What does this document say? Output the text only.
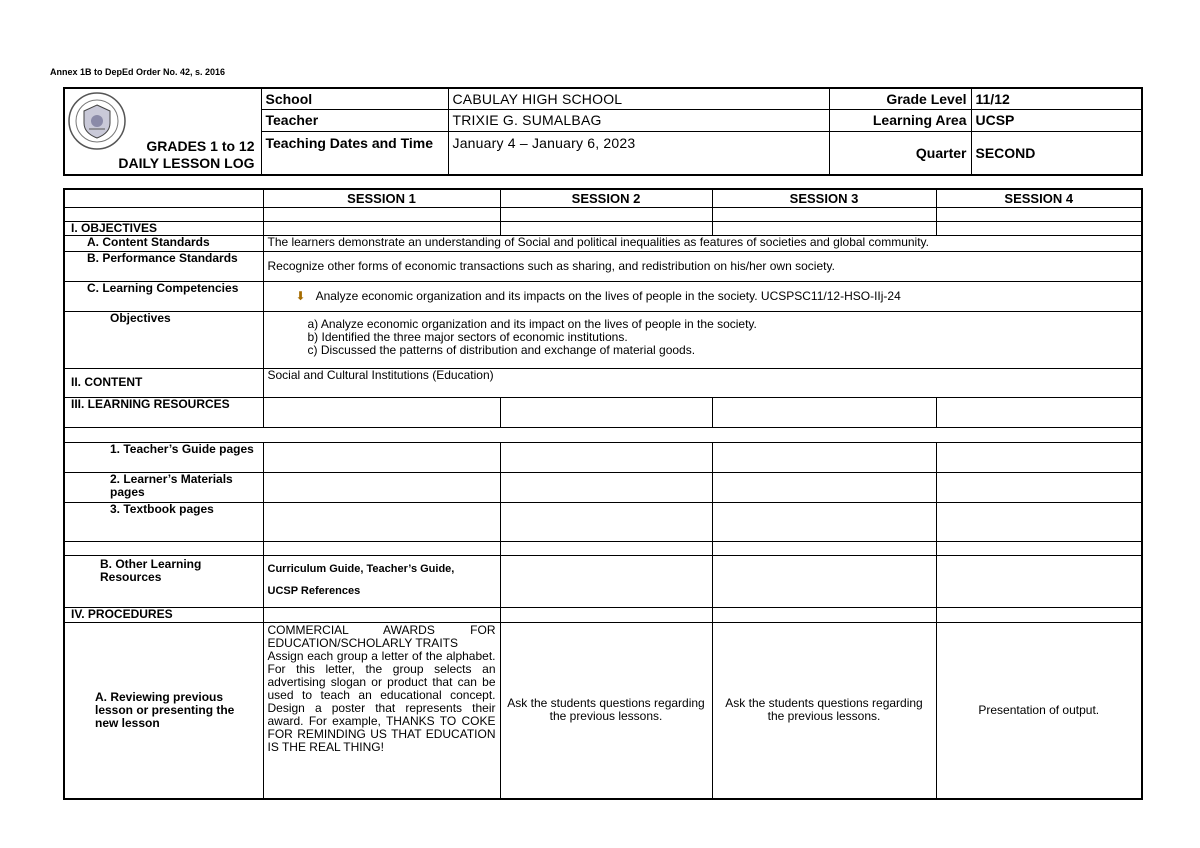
Annex 1B to DepEd Order No. 42, s. 2016
GRADES 1 to 12
DAILY LESSON LOG	School	CABULAY HIGH SCHOOL	Grade Level	11/12
	Teacher	TRIXIE G. SUMALBAG	Learning Area	UCSP
	Teaching Dates and Time	January 4 – January 6, 2023	Quarter	SECOND
	SESSION 1	SESSION 2	SESSION 3	SESSION 4

I. OBJECTIVES				
A. Content Standards	The learners demonstrate an understanding of Social and political inequalities as features of societies and global community.			
B. Performance Standards	Recognize other forms of economic transactions such as sharing, and redistribution on his/her own society.			
C. Learning Competencies	⬇ Analyze economic organization and its impacts on the lives of people in the society. UCSPSC11/12-HSO-IIj-24			
Objectives	a) Analyze economic organization and its impact on the lives of people in the society.
b) Identified the three major sectors of economic institutions.
c) Discussed the patterns of distribution and exchange of material goods.			

II. CONTENT	Social and Cultural Institutions (Education)			
III. LEARNING RESOURCES				

1. Teacher’s Guide pages				
2. Learner’s Materials pages				
3. Textbook pages				

B. Other Learning Resources	Curriculum Guide, Teacher’s Guide,
UCSP References			

IV. PROCEDURES				
A. Reviewing previous lesson or presenting the new lesson	COMMERCIAL AWARDS FOR EDUCATION/SCHOLARLY TRAITS
Assign each group a letter of the alphabet. For this letter, the group selects an advertising slogan or product that can be used to teach an educational concept. Design a poster that represents their award. For example, THANKS TO COKE FOR REMINDING US THAT EDUCATION IS THE REAL THING!	Ask the students questions regarding the previous lessons.	Ask the students questions regarding the previous lessons.	Presentation of output.
